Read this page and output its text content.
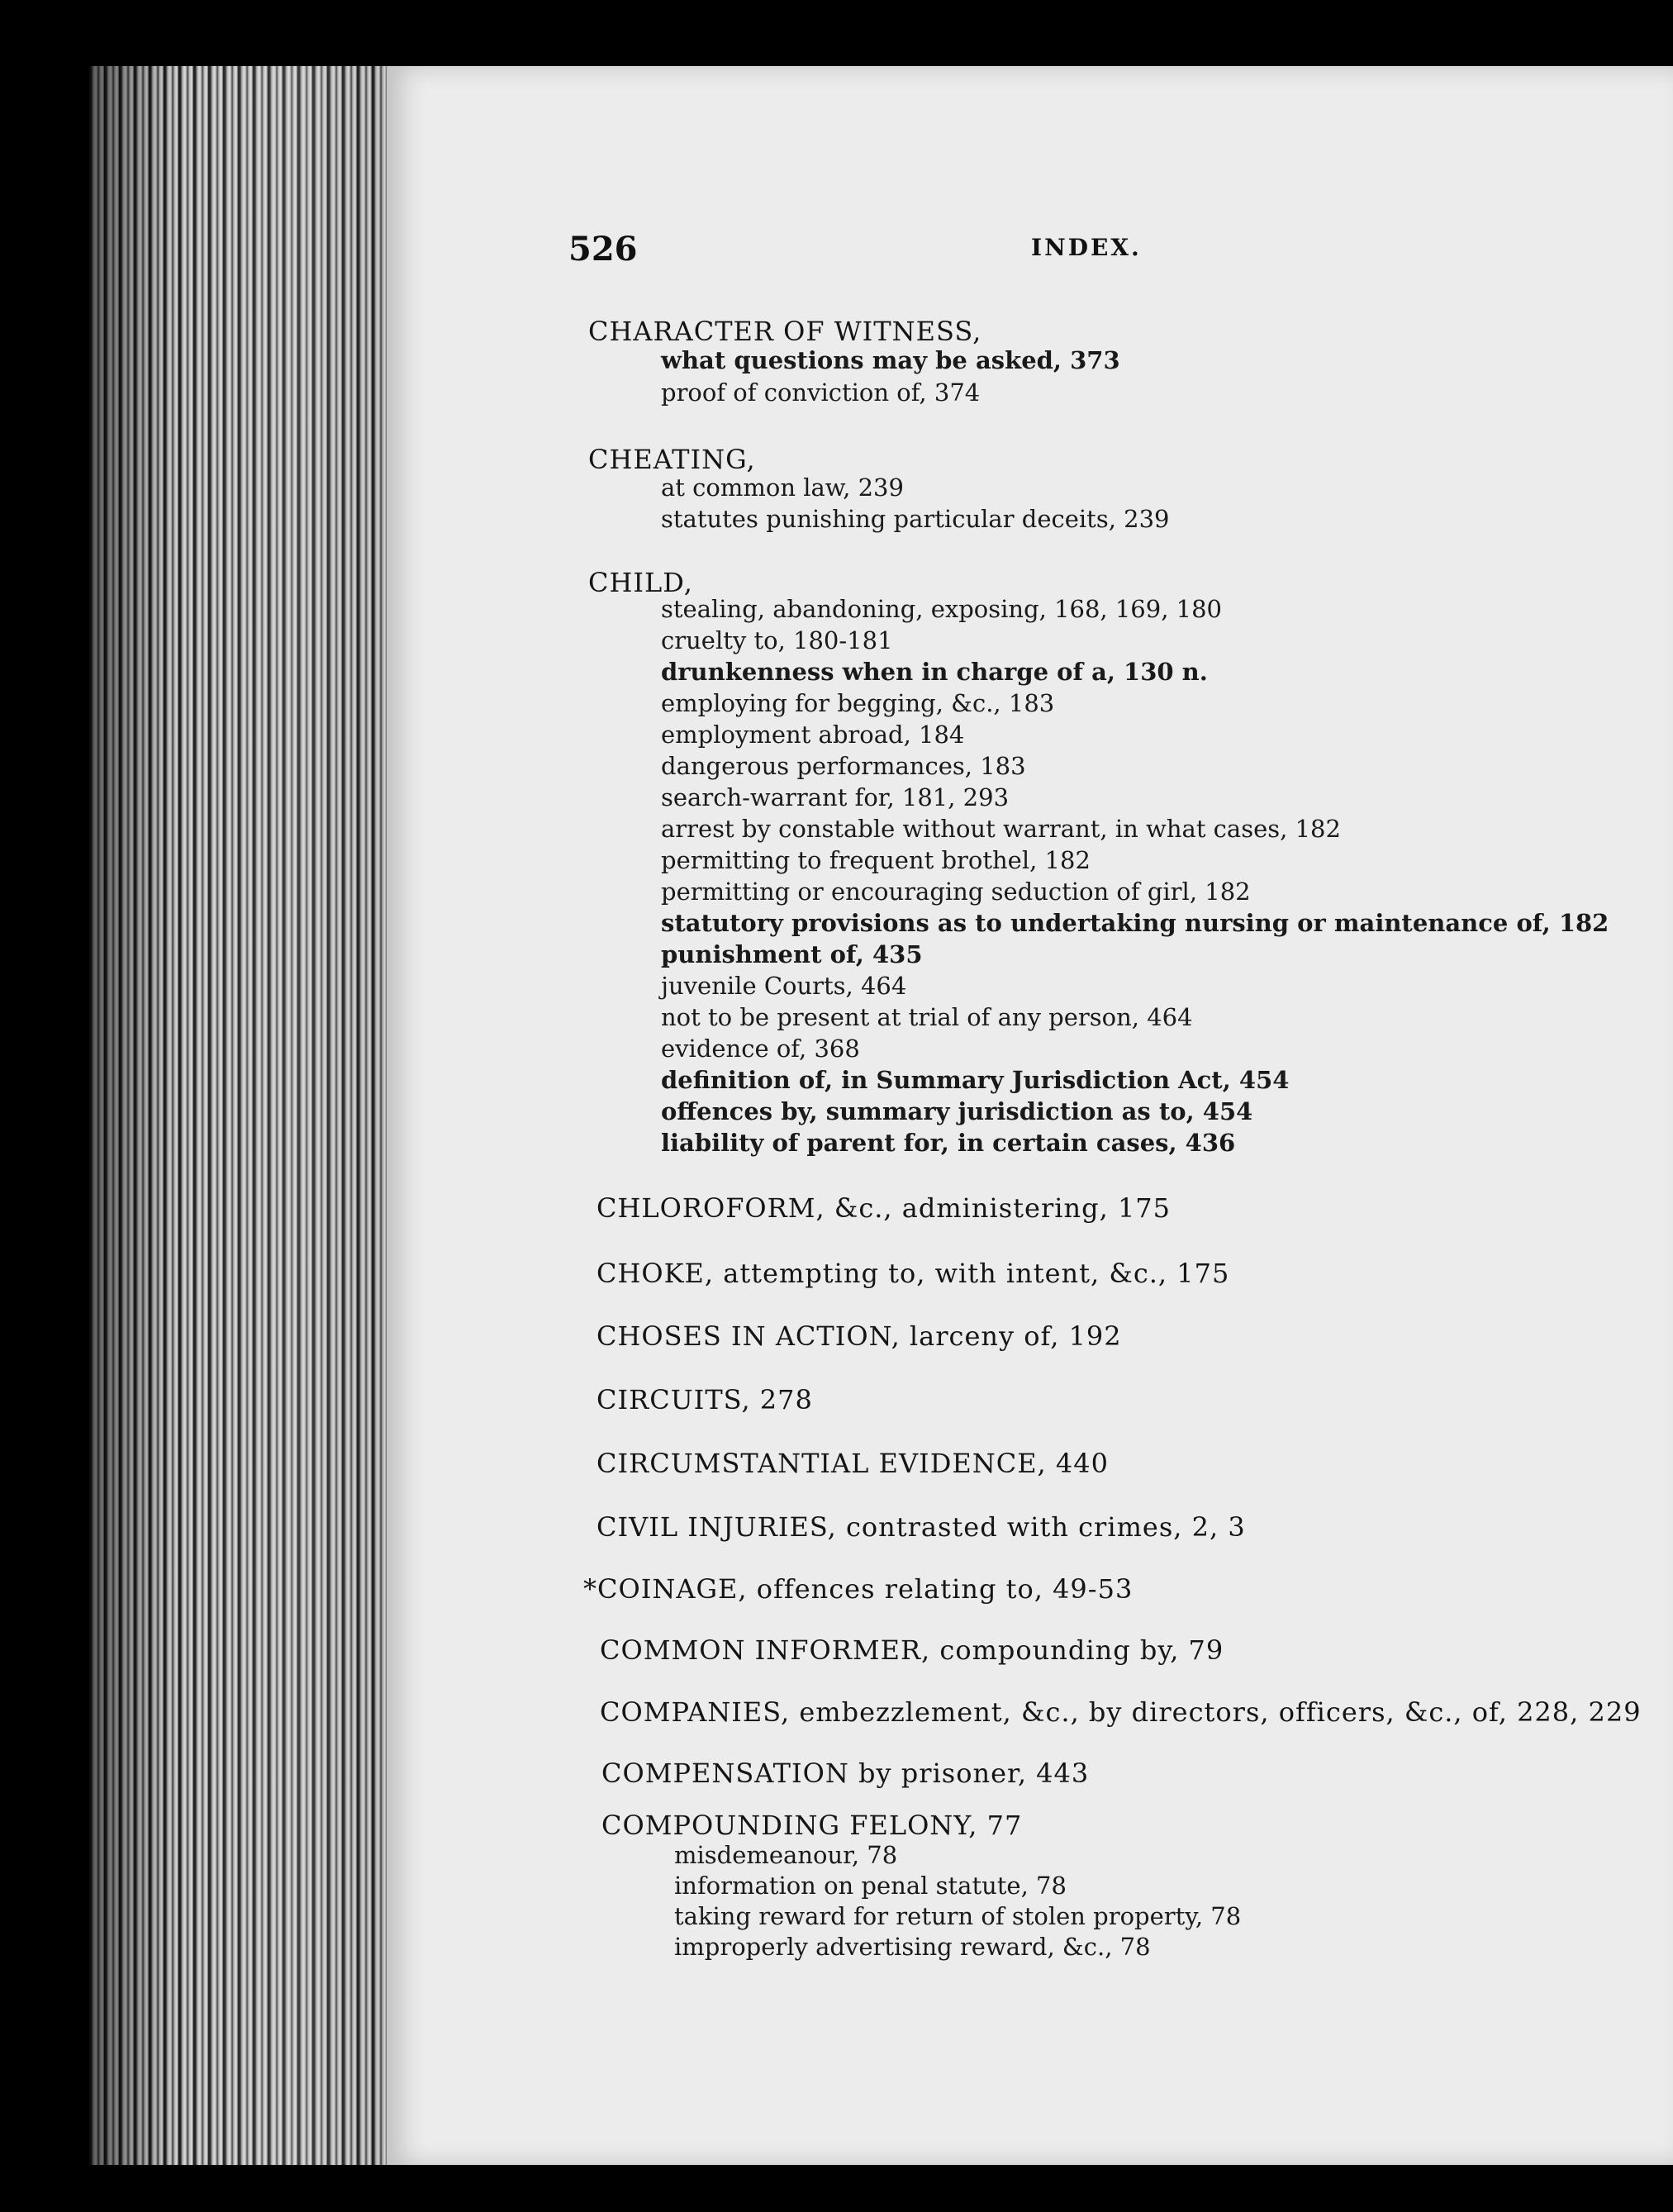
526	INDEX.
CHARACTER OF WITNESS,
what questions may be asked, 373
proof of conviction of, 374
CHEATING,
at common law, 239
statutes punishing particular deceits, 239
CHILD,
stealing, abandoning, exposing, 168, 169, 180
cruelty to, 180-181
drunkenness when in charge of a, 130 n.
employing for begging, &c., 183
employment abroad, 184
dangerous performances, 183
search-warrant for, 181, 293
arrest by constable without warrant, in what cases, 182
permitting to frequent brothel, 182
permitting or encouraging seduction of girl, 182
statutory provisions as to undertaking nursing or maintenance of, 182
punishment of, 435
juvenile Courts, 464
not to be present at trial of any person, 464
evidence of, 368
definition of, in Summary Jurisdiction Act, 454
offences by, summary jurisdiction as to, 454
liability of parent for, in certain cases, 436
CHLOROFORM, &c., administering, 175
CHOKE, attempting to, with intent, &c., 175
CHOSES IN ACTION, larceny of, 192
CIRCUITS, 278
CIRCUMSTANTIAL EVIDENCE, 440
CIVIL INJURIES, contrasted with crimes, 2, 3
*COINAGE, offences relating to, 49-53
COMMON INFORMER, compounding by, 79
COMPANIES, embezzlement, &c., by directors, officers, &c., of, 228, 229
COMPENSATION by prisoner, 443
COMPOUNDING FELONY, 77
misdemeanour, 78
information on penal statute, 78
taking reward for return of stolen property, 78
improperly advertising reward, &c., 78
